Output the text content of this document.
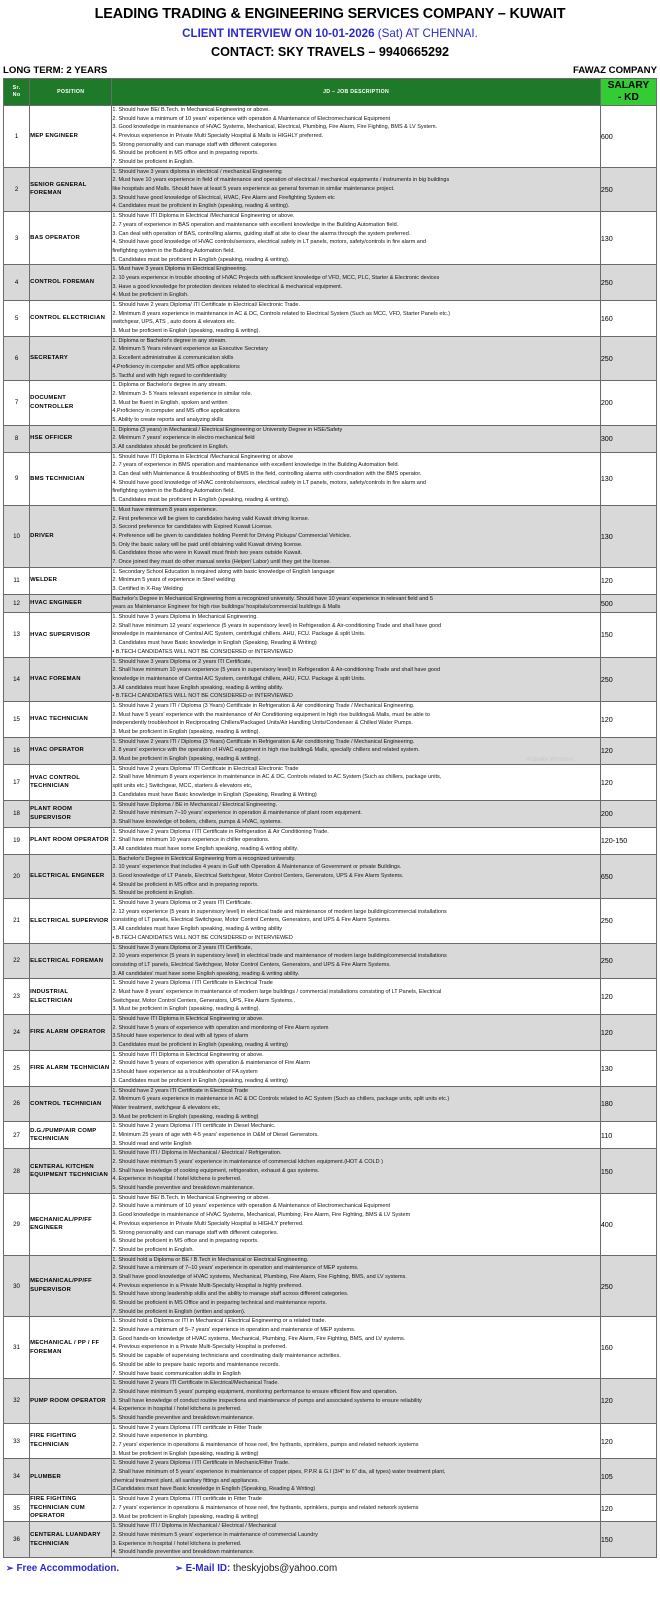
LEADING TRADING & ENGINEERING SERVICES COMPANY – KUWAIT
CLIENT INTERVIEW ON 10-01-2026 (Sat) AT CHENNAI.
CONTACT: SKY TRAVELS – 9940665292
LONG TERM: 2 YEARS	FAWAZ COMPANY
Sr.
No	POSITION	JD – JOB DESCRIPTION	SALARY
- KD
1	MEP ENGINEER	
1. Should have BE/ B.Tech. in Mechanical Engineering or above.
2. Should have a minimum of 10 years' experience with operation & Maintenance of Electromechanical Equipment
3. Good knowledge in maintenance of HVAC Systems, Mechanical, Electrical, Plumbing, Fire Alarm, Fire Fighting, BMS & LV System.
4. Previous experience in Private Multi Specialty Hospital & Malls is HIGHLY preferred.
5. Strong personality and can manage staff with different categories
6. Should be proficient in MS office and in preparing reports.
7. Should be proficient in English.
	600
2	SENIOR GENERAL FOREMAN	1. Should have 3 years diploma in electrical / mechanical Engineering
2. Must have 10 years experience in field of maintenance and operation of electrical / mechanical equipments / instruments in big buildings
like hospitals and Malls. Should have at least 5 years experience as general foreman in similar maintenance project.
3. Should have good knowledge of Electrical, HVAC, Fire Alarm and Firefighting System etc
4. Candidates must be proficient in English (speaking, reading & writing).	250
3	BAS OPERATOR	
1. Should have ITI Diploma in Electrical /Mechanical Engineering or above.
2. 7 years of experience in BAS operation and maintenance with excellent knowledge in the Building Automation field.
3. Can deal with operation of BAS, controlling alarms, guiding staff at site to clear the alarms through the system preferred.
4. Should have good knowledge of HVAC controls/sensors, electrical safety in LT panels, motors, safety/controls in fire alarm and
firefighting system in the Building Automation field.
5. Candidates must be proficient in English (speaking, reading & writing).
	130
4	CONTROL FOREMAN	1. Must have 3 years Diploma in Electrical Engineering.
2. 10 years experience in trouble shooting of HVAC Projects with sufficient knowledge of VFD, MCC, PLC, Starter & Electronic devices
3. Have a good knowledge for protection devices related to electrical & mechanical equipment.
4. Must be proficient in English.	250
5	CONTROL ELECTRICIAN	1. Should have 2 years Diploma/ ITI Certificate in Electrical/ Electronic Trade.
2. Minimum 8 years experience in maintenance in AC & DC, Controls related to Electrical System (Such as MCC, VFD, Starter Panels etc.)
switchgear, UPS, ATS , auto doors & elevators etc.
3. Must be proficient in English (speaking, reading & writing).	160
6	SECRETARY	1. Diploma or Bachelor's degree in any stream.
2. Minimum 5 Years relevant experience as Executive Secretary
3. Excellent administrative & communication skills
4.Proficiency in computer and MS office applications
5. Tactful and with high regard to confidentiality	250
7	DOCUMENT CONTROLLER	1. Diploma or Bachelor's degree in any stream.
2. Minimum 3- 5 Years relevant experience in similar role.
3. Must be fluent in English, spoken and written
4.Proficiency in computer and MS office applications
5. Ability to create reports and analyzing skills	200
8	HSE OFFICER	1. Diploma (3 years) in Mechanical / Electrical Engineering or University Degree in HSE/Safety
2. Minimum 7 years' experience in electro mechanical field
3. All candidates should be proficient in English.	300
9	BMS TECHNICIAN	
1. Should have ITI Diploma in Electrical /Mechanical Engineering or above
2. 7 years of experience in BMS operation and maintenance with excellent knowledge in the Building Automation field.
3. Can deal with Maintenance & troubleshooting of BMS in the field, controlling alarms with coordination with the BMS operator.
4. Should have good knowledge of HVAC controls/sensors, electrical safety in LT panels, motors, safety/controls in fire alarm and
firefighting system in the Building Automation field.
5. Candidates must be proficient in English (speaking, reading & writing).
	130
10	DRIVER	
1. Must have minimum 8 years experience.
2. First preference will be given to candidates having valid Kuwait driving license.
3. Second preference for candidates with Expired Kuwait License.
4. Preference will be given to candidates holding Permit for Driving Pickups/ Commercial Vehicles.
5. Only the basic salary will be paid until obtaining valid Kuwait driving license.
6. Candidates those who were in Kuwait must finish two years outside Kuwait.
7. Once joined they must do other manual works (Helper/ Labor) until they get the license.
	130
11	WELDER	1. Secondary School Education is required along with basic knowledge of English language
2. Minimum 5 years of experience in Steel welding
3. Certified in X-Ray Welding	120
12	HVAC ENGINEER	Bachelor's Degree in Mechanical Engineering from a recognized university. Should have 10 years' experience in relevant field and 5
years as Maintenance Engineer for high rise buildings/ hospitals/commercial buildings & Malls	500
13	HVAC SUPERVISOR	1. Should have 3 years Diploma in Mechanical Engineering.
2. Shall have minimum 12 years' experience (5 years in supervisory level) in Refrigeration & Air-conditioning Trade and shall have good
knowledge in maintenance of Central A/C System, centrifugal chillers. AHU, FCU. Package & split Units.
3. Candidates must have Basic knowledge in English (Speaking, Reading & Writing)
• B.TECH CANDIDATES WILL NOT BE CONSIDERED or INTERVIEWED	150
14	HVAC FOREMAN	1. Should have 3 years Diploma or 2 years ITI Certificate,
2. Shall have minimum 10 years experience (5 years in supervisory level) in Refrigeration & Air-conditioning Trade and shall have good
knowledge in maintenance of Central A/C System, centrifugal chillers, AHU, FCU. Package & split Units.
3. All candidates must have English speaking, reading & writing ability.
• B.TECH CANDIDATES WILL NOT BE CONSIDERED or INTERVIEWED	250
15	HVAC TECHNICIAN	1. Should have 2 years ITI / Diploma (3 Years) Certificate in Refrigeration & Air conditioning Trade / Mechanical Engineering.
2. Must have 5 years' experience with the maintenance of Air Conditioning equipment in high rise buildings& Malls, must be able to
independently troubleshoot in Reciprocating Chillers/Packaged Units/Air Handling Units/Condenser & Chilled Water Pumps.
3. Must be proficient in English (speaking, reading & writing).	120
16	HVAC OPERATOR	1. Should have 2 years ITI / Diploma (3 Years) Certificate in Refrigeration & Air conditioning Trade / Mechanical Engineering.
2. 8 years' experience with the operation of HVAC equipment in high rise building& Malls, specially chillers and related system.
3. Must be proficient in English (speaking, reading & writing).	120
17	HVAC CONTROL TECHNICIAN	1. Should have 2 years Diploma/ ITI Certificate in Electrical/ Electronic Trade
2. Shall have Minimum 8 years experience in maintenance in AC & DC, Controls related to AC System (Such as chillers, package units,
split units etc.) Switchgear, MCC, starters & elevators etc,
3. Candidates must have Basic knowledge in English (Speaking, Reading & Writing)	120
18	PLANT ROOM SUPERVISOR	1. Should have Diploma / BE in Mechanical / Electrical Engineering.
2. Should have minimum 7–10 years' experience in operation & maintenance of plant room equipment.
3. Shall have knowledge of boilers, chillers, pumps & HVAC, systems.	200
19	PLANT ROOM OPERATOR	1. Should have 2 years Diploma / ITI Certificate in Refrigeration & Air Conditioning Trade.
2. Shall have minimum 10 years experience in chiller operations.
3. All candidates must have some English speaking, reading & writing ability.	120-150
20	ELECTRICAL ENGINEER	1. Bachelor's Degree in Electrical Engineering from a recognized university.
2. 10 years' experience that includes 4 years in Gulf with Operation & Maintenance of Government or private Buildings.
3. Good knowledge of LT Panels, Electrical Switchgear, Motor Control Centers, Generators, UPS & Fire Alarm Systems.
4. Should be proficient in MS office and in preparing reports.
5. Should be proficient in English.	650
21	ELECTRICAL SUPERVIOR	1. Should have 3 years Diploma or 2 years ITI Certificate.
2. 12 years experience (5 years in supervisory level) in electrical trade and maintenance of modern large building/commercial installations
consisting of LT panels, Electrical Switchgear, Motor Control Centers, Generators, and UPS & Fire Alarm Systems.
3. All candidates must have English speaking, reading & writing ability
• B.TECH CANDIDATES WILL NOT BE CONSIDERED or INTERVIEWED	250
22	ELECTRICAL FOREMAN	1. Should have 3 years Diploma or 2 years ITI Certificate,
2. 10 years experience (5 years in supervisory level) in electrical trade and maintenance of modern large building/commercial installations
consisting of LT panels, Electrical Switchgear, Motor Control Centers, Generators, and UPS & Fire Alarm Systems.
3. All candidates' must have some English speaking, reading & writing ability.	250
23	INDUSTRIAL ELECTRICIAN	1. Should have 2 years Diploma / ITI Certificate in Electrical Trade
2. Must have 8 years' experience in maintenance of modern large buildings / commercial installations consisting of LT Panels, Electrical
Switchgear, Motor Control Centers, Generators, UPS, Fire Alarm Systems..
3. Must be proficient in English (speaking, reading & writing).	120
24	FIRE ALARM OPERATOR	1. Should have ITI Diploma in Electrical Engineering or above.
2. Should have 5 years of experience with operation and monitoring of Fire Alarm system
3.Should have experience to deal with all types of alarm
3. Candidates must be proficient in English (speaking, reading & writing)	120
25	FIRE ALARM TECHNICIAN	1. Should have ITI Diploma in Electrical Engineering or above.
2. Should have 5 years of experience with operation & maintenance of Fire Alarm
3.Should have experience as a troubleshooter of FA system
3. Candidates must be proficient in English (speaking, reading & writing)	130
26	CONTROL TECHNICIAN	1. Should have 2 years ITI Certificate in Electrical Trade
2. Minimum 6 years experience in maintenance in AC & DC Controls related to AC System (Such as chillers, package units, split units etc.)
Water treatment, switchgear & elevators etc,
3. Must be proficient in English (speaking, reading & writing)	180
27	D.G./PUMP/AIR COMP TECHNICIAN	1. Should have 2 years Diploma / ITI certificate in Diesel Mechanic.
2. Minimum 25 years of age with 4-5 years' experience in O&M of Diesel Generators.
3. Should read and write English	110
28	CENTERAL KITCHEN EQUIPMENT TECHNICIAN	1. Should have ITI / Diploma in Mechanical / Electrical / Refrigeration.
2. Should have minimum 5 years' experience in maintenance of commercial kitchen equipment.(HOT & COLD )
3. Shall have knowledge of cooking equipment, refrigeration, exhaust & gas systems.
4. Experience in hospital / hotel kitchens is preferred.
5. Should handle preventive and breakdown maintenance.	150
29	MECHANICAL/PP/FF ENGINEER	
1. Should have BE/ B.Tech. in Mechanical Engineering or above.
2. Should have a minimum of 10 years' experience with operation & Maintenance of Electromechanical Equipment
3. Good knowledge in maintenance of HVAC Systems, Mechanical, Plumbing, Fire Alarm, Fire Fighting, BMS & LV System
4. Previous experience in Private Multi Specialty Hospital is HIGHLY preferred.
5. Strong personality and can manage staff with different categories.
6. Should be proficient in MS office and in preparing reports.
7. Should be proficient in English.
	400
30	MECHANICAL/PP/FF SUPERVISOR	
1. Should hold a Diploma or BE / B.Tech in Mechanical or Electrical Engineering.
2. Should have a minimum of 7–10 years' experience in operation and maintenance of MEP systems.
3. Shall have good knowledge of HVAC systems, Mechanical, Plumbing, Fire Alarm, Fire Fighting, BMS, and LV systems.
4. Previous experience in a Private Multi-Specialty Hospital is highly preferred.
5. Should have strong leadership skills and the ability to manage staff across different categories.
6. Should be proficient in MS Office and in preparing technical and maintenance reports.
7. Should be proficient in English (written and spoken).
	250
31	MECHANICAL / PP / FF FOREMAN	
1. Should hold a Diploma or ITI in Mechanical / Electrical Engineering or a related trade.
2. Should have a minimum of 5–7 years' experience in operation and maintenance of MEP systems.
3. Good hands-on knowledge of HVAC systems, Mechanical, Plumbing, Fire Alarm, Fire Fighting, BMS, and LV systems.
4. Previous experience in a Private Multi-Specialty Hospital is preferred.
5. Should be capable of supervising technicians and coordinating daily maintenance activities.
6. Should be able to prepare basic reports and maintenance records.
7. Should have basic communication skills in English
	160
32	PUMP ROOM OPERATOR	1. Should have 2 years ITI Certificate in Electrical/Mechanical Trade.
2. Should have minimum 5 years' pumping equipment, monitoring performance to ensure efficient flow and operation.
3. Shall have knowledge of conduct routine inspections and maintenance of pumps and associated systems to ensure reliability
4. Experience in hospital / hotel kitchens is preferred.
5. Should handle preventive and breakdown maintenance.	120
33	FIRE FIGHTING TECHNICIAN	1. Should have 2 years Diploma / ITI certificate in Fitter Trade
2. Should have experience in plumbing.
2. 7 years' experience in operations & maintenance of hose reel, fire hydrants, sprinklers, pumps and related network systems
3. Must be proficient in English (speaking, reading & writing)	120
34	PLUMBER	1. Should have 2 years Diploma / ITI Certificate in Mechanic/Fitter Trade.
2. Shall have minimum of 5 years' experience in maintenance of copper pipes, P.P.R & G.I (3/4" to 6" dia, all types) water treatment plant,
chemical treatment plant, all sanitary fittings and appliances.
3.Candidates must have Basic knowledge in English (Speaking, Reading & Writing)	105
35	FIRE FIGHTING TECHNICIAN CUM OPERATOR	1. Should have 2 years Diploma / ITI certificate in Fitter Trade
2. 7 years' experience in operations & maintenance of hose reel, fire hydrants, sprinklers, pumps and related network systems
3. Must be proficient in English (speaking, reading & writing)	120
36	CENTERAL LUANDARY TECHNICIAN	1. Should have ITI / Diploma in Mechanical / Electrical / Mechanical
2. Should have minimum 5 years' experience in maintenance of commercial Laundry
3. Experience in hospital / hotel kitchens is preferred.
4. Should handle preventive and breakdown maintenance.	150
➢ Free Accommodation.	➢ E-Mail ID: theskyjobs@yahoo.com
Activate Windows
